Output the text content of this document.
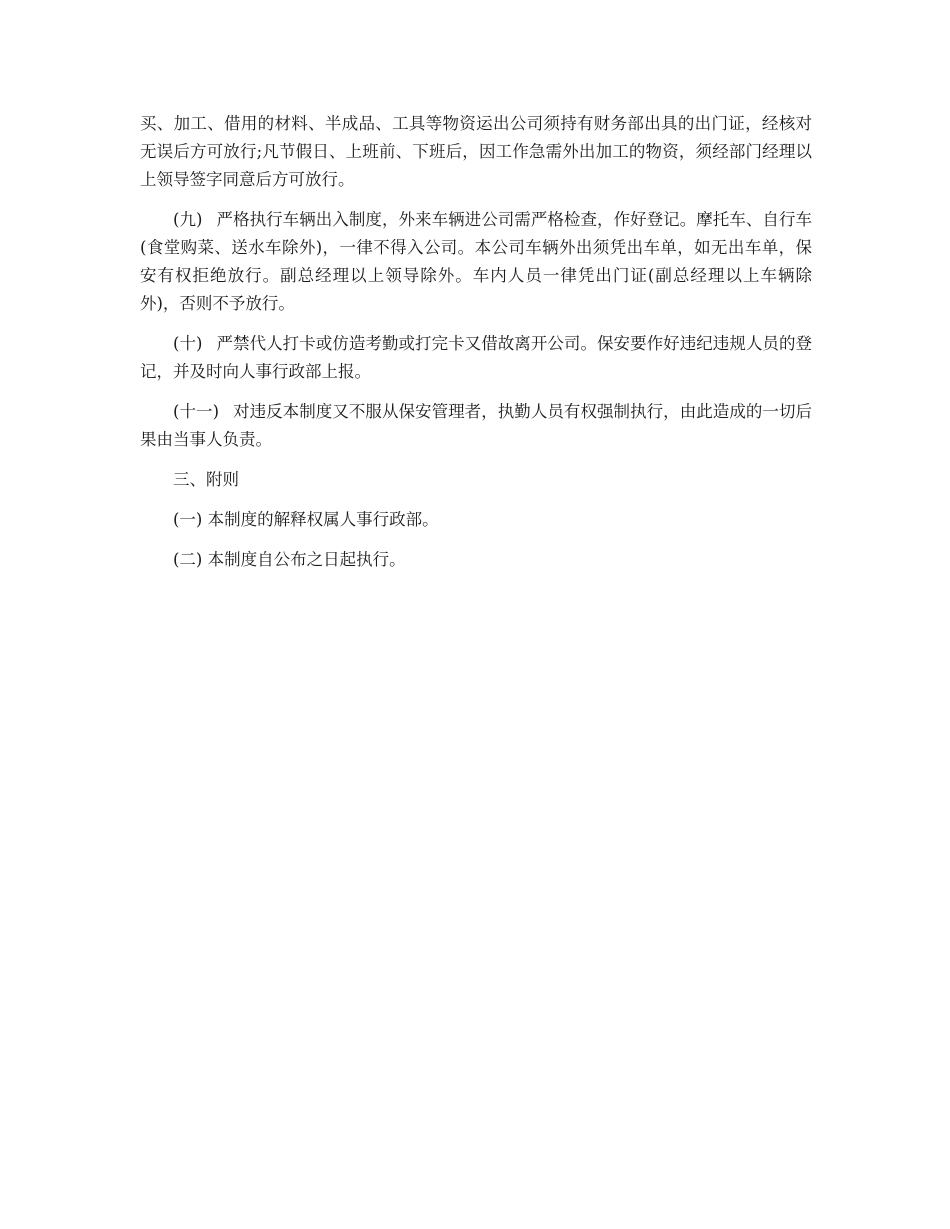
买、加工、借用的材料、半成品、工具等物资运出公司须持有财务部出具的出门证，经核对无误后方可放行;凡节假日、上班前、下班后，因工作急需外出加工的物资，须经部门经理以上领导签字同意后方可放行。

(九) 严格执行车辆出入制度，外来车辆进公司需严格检查，作好登记。摩托车、自行车(食堂购菜、送水车除外)，一律不得入公司。本公司车辆外出须凭出车单，如无出车单，保安有权拒绝放行。副总经理以上领导除外。车内人员一律凭出门证(副总经理以上车辆除外)，否则不予放行。

(十) 严禁代人打卡或仿造考勤或打完卡又借故离开公司。保安要作好违纪违规人员的登记，并及时向人事行政部上报。

(十一) 对违反本制度又不服从保安管理者，执勤人员有权强制执行，由此造成的一切后果由当事人负责。

三、附则

(一) 本制度的解释权属人事行政部。

(二) 本制度自公布之日起执行。
